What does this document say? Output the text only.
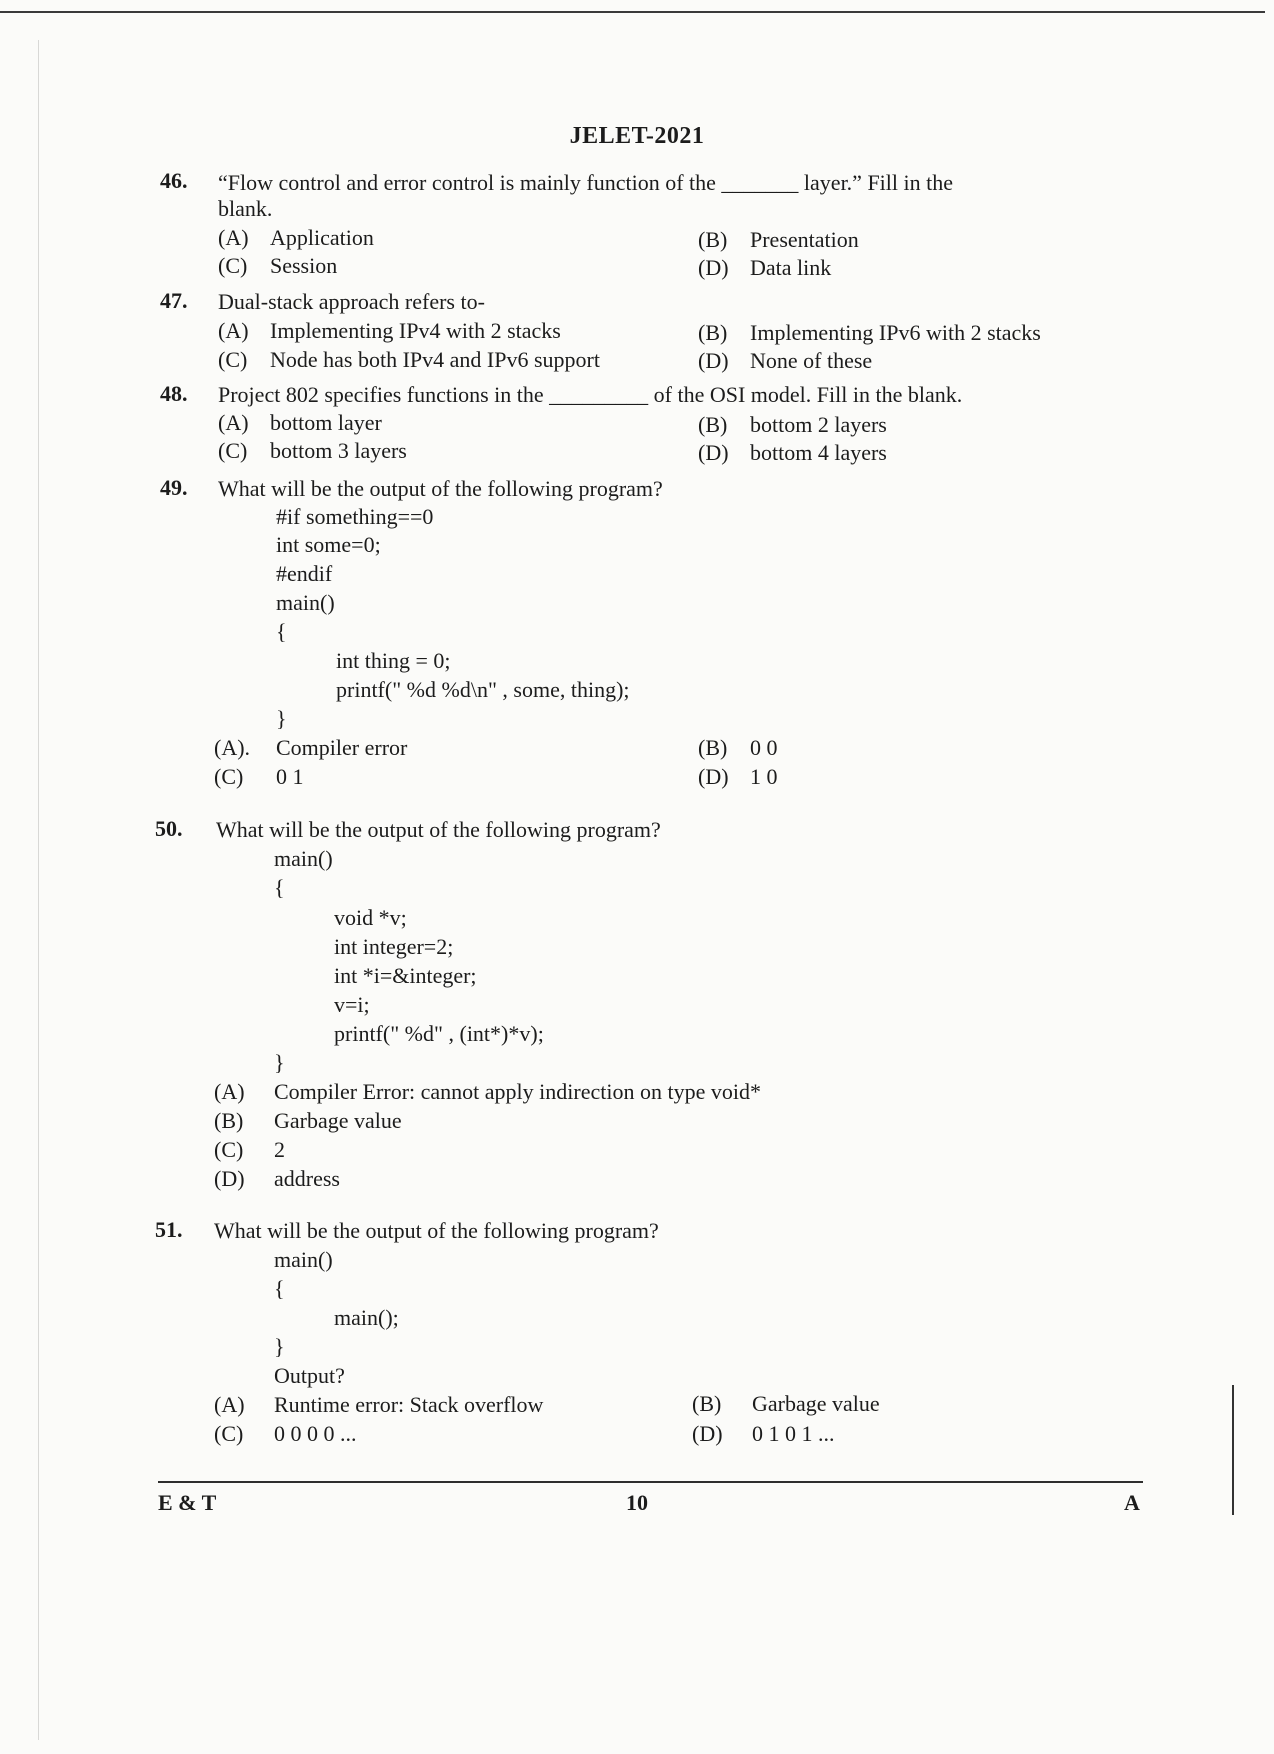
JELET-2021
46. “Flow control and error control is mainly function of the _______ layer.” Fill in the
blank.
(A) Application	(B) Presentation
(C) Session	(D) Data link
47. Dual-stack approach refers to-
(A) Implementing IPv4 with 2 stacks	(B) Implementing IPv6 with 2 stacks
(C) Node has both IPv4 and IPv6 support	(D) None of these
48. Project 802 specifies functions in the _________ of the OSI model. Fill in the blank.
(A) bottom layer	(B) bottom 2 layers
(C) bottom 3 layers	(D) bottom 4 layers
49. What will be the output of the following program?
#if something==0
int some=0;
#endif
main()
{
int thing = 0;
printf(" %d %d\n" , some, thing);
}
(A). Compiler error	(B) 0 0
(C) 0 1	(D) 1 0
50. What will be the output of the following program?
main()
{
void *v;
int integer=2;
int *i=&integer;
v=i;
printf(" %d" , (int*)*v);
}
(A) Compiler Error: cannot apply indirection on type void*
(B) Garbage value
(C) 2
(D) address
51. What will be the output of the following program?
main()
{
main();
}
Output?
(A) Runtime error: Stack overflow	(B) Garbage value
(C) 0 0 0 0 ...	(D) 0 1 0 1 ...
E & T	10	A
